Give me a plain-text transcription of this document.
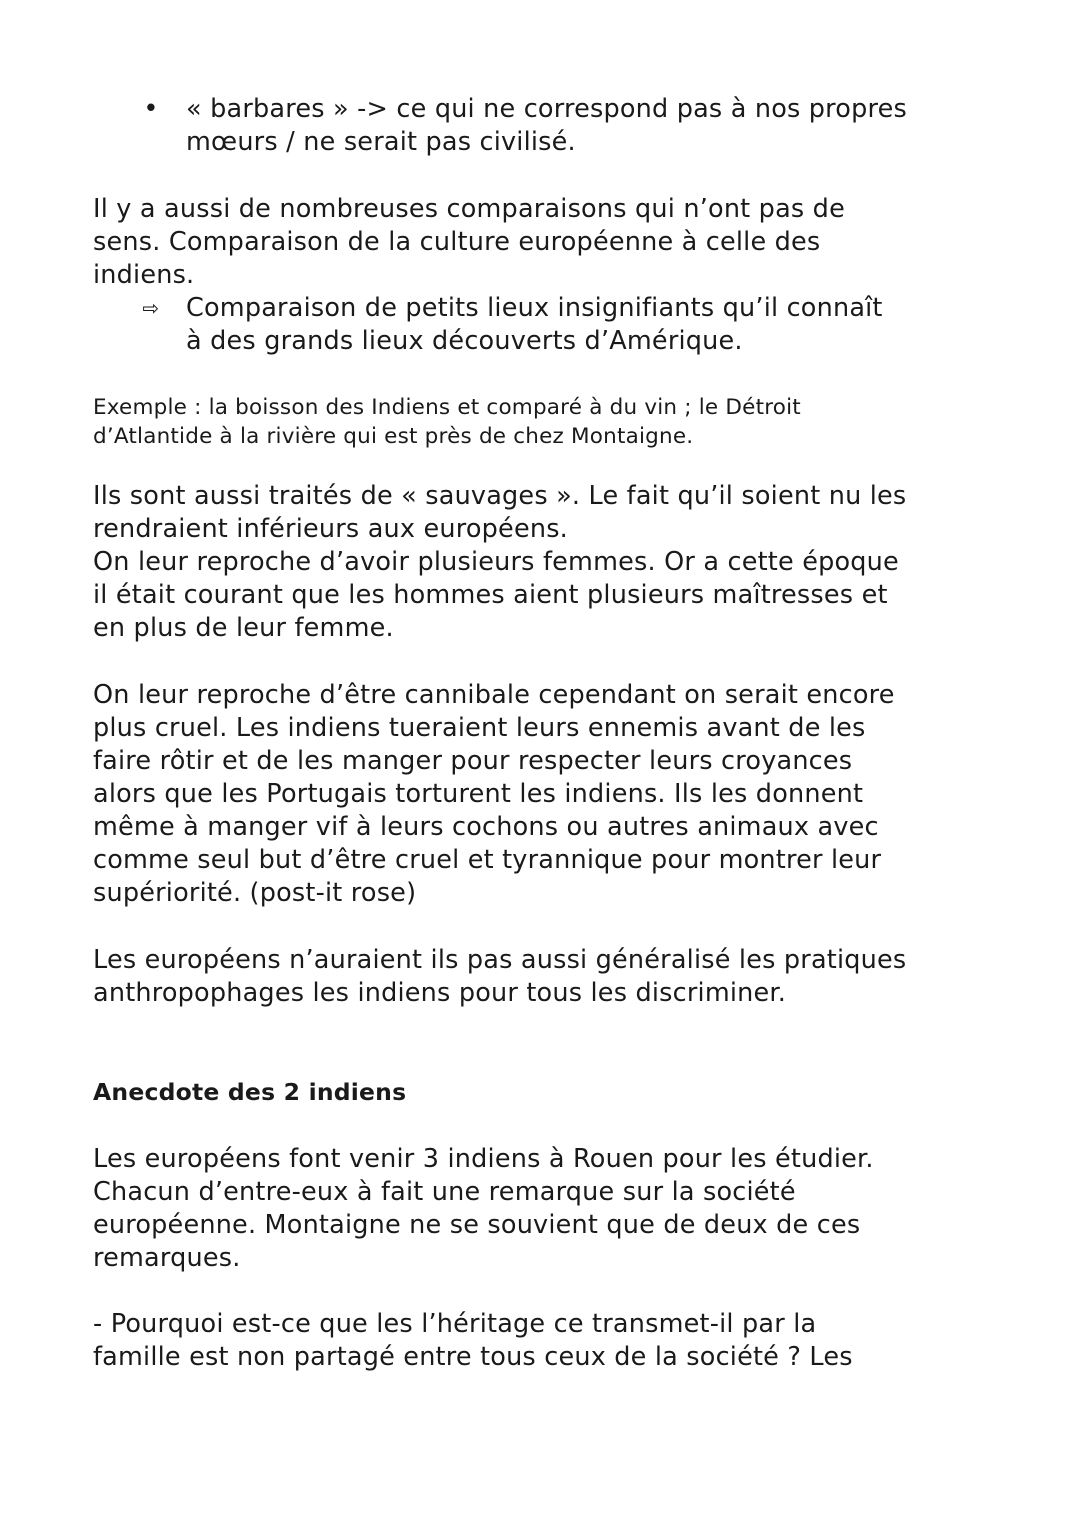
• « barbares » -> ce qui ne correspond pas à nos propres
mœurs / ne serait pas civilisé.
Il y a aussi de nombreuses comparaisons qui n’ont pas de
sens. Comparaison de la culture européenne à celle des
indiens.
⇨ Comparaison de petits lieux insignifiants qu’il connaît
à des grands lieux découverts d’Amérique.
Exemple : la boisson des Indiens et comparé à du vin ; le Détroit
d’Atlantide à la rivière qui est près de chez Montaigne.
Ils sont aussi traités de « sauvages ». Le fait qu’il soient nu les
rendraient inférieurs aux européens.
On leur reproche d’avoir plusieurs femmes. Or a cette époque
il était courant que les hommes aient plusieurs maîtresses et
en plus de leur femme.
On leur reproche d’être cannibale cependant on serait encore
plus cruel. Les indiens tueraient leurs ennemis avant de les
faire rôtir et de les manger pour respecter leurs croyances
alors que les Portugais torturent les indiens. Ils les donnent
même à manger vif à leurs cochons ou autres animaux avec
comme seul but d’être cruel et tyrannique pour montrer leur
supériorité. (post-it rose)
Les européens n’auraient ils pas aussi généralisé les pratiques
anthropophages les indiens pour tous les discriminer.
Anecdote des 2 indiens
Les européens font venir 3 indiens à Rouen pour les étudier.
Chacun d’entre-eux à fait une remarque sur la société
européenne. Montaigne ne se souvient que de deux de ces
remarques.
- Pourquoi est-ce que les l’héritage ce transmet-il par la
famille est non partagé entre tous ceux de la société ? Les
